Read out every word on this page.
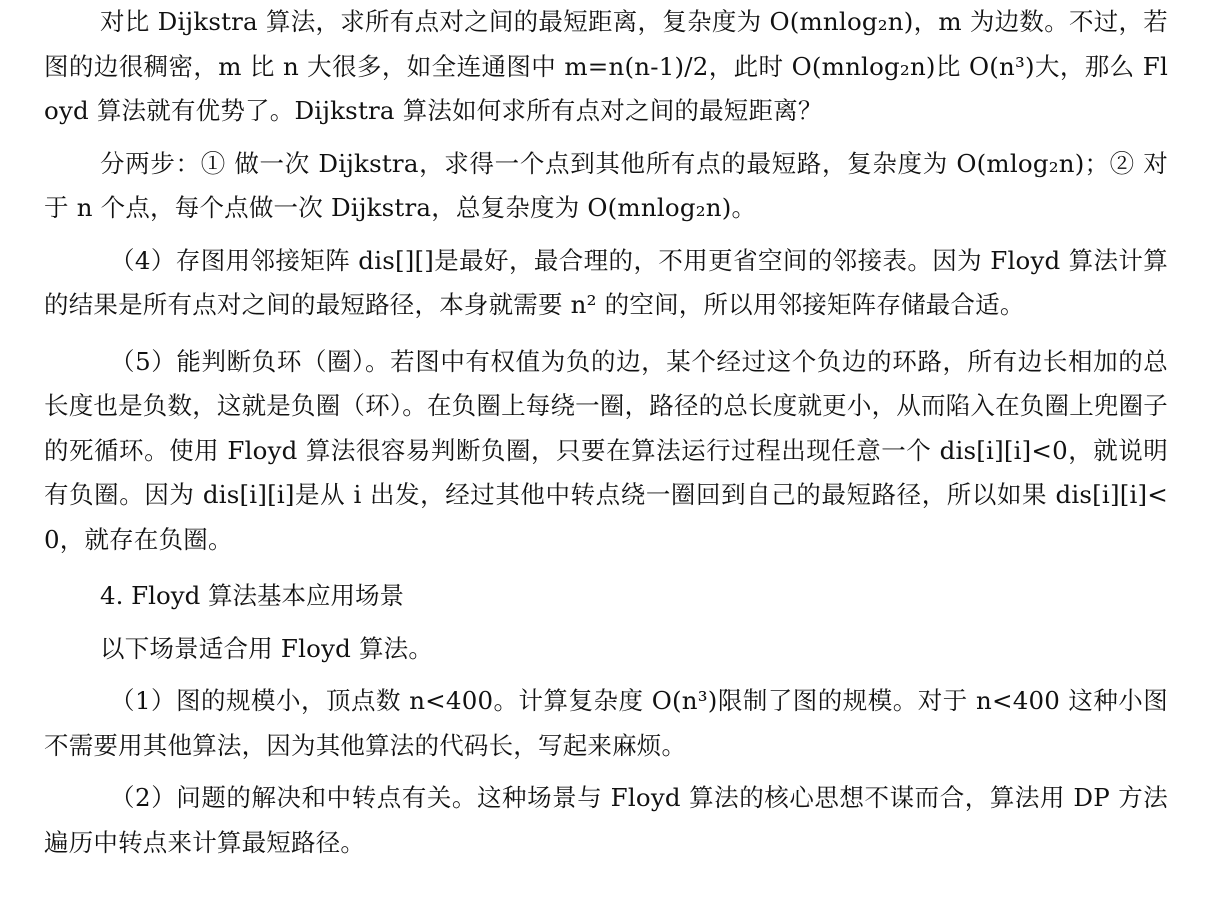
对比 Dijkstra 算法，求所有点对之间的最短距离，复杂度为 O(mnlog₂n)，m 为边数。不过，若图的边很稠密，m 比 n 大很多，如全连通图中 m=n(n-1)/2，此时 O(mnlog₂n)比 O(n³)大，那么 Floyd 算法就有优势了。Dijkstra 算法如何求所有点对之间的最短距离？

分两步：① 做一次 Dijkstra，求得一个点到其他所有点的最短路，复杂度为 O(mlog₂n)；② 对于 n 个点，每个点做一次 Dijkstra，总复杂度为 O(mnlog₂n)。

（4）存图用邻接矩阵 dis[][]是最好，最合理的，不用更省空间的邻接表。因为 Floyd 算法计算的结果是所有点对之间的最短路径，本身就需要 n² 的空间，所以用邻接矩阵存储最合适。

（5）能判断负环（圈）。若图中有权值为负的边，某个经过这个负边的环路，所有边长相加的总长度也是负数，这就是负圈（环）。在负圈上每绕一圈，路径的总长度就更小，从而陷入在负圈上兜圈子的死循环。使用 Floyd 算法很容易判断负圈，只要在算法运行过程出现任意一个 dis[i][i]<0，就说明有负圈。因为 dis[i][i]是从 i 出发，经过其他中转点绕一圈回到自己的最短路径，所以如果 dis[i][i]<0，就存在负圈。

4. Floyd 算法基本应用场景

以下场景适合用 Floyd 算法。

（1）图的规模小，顶点数 n<400。计算复杂度 O(n³)限制了图的规模。对于 n<400 这种小图不需要用其他算法，因为其他算法的代码长，写起来麻烦。

（2）问题的解决和中转点有关。这种场景与 Floyd 算法的核心思想不谋而合，算法用 DP 方法遍历中转点来计算最短路径。
